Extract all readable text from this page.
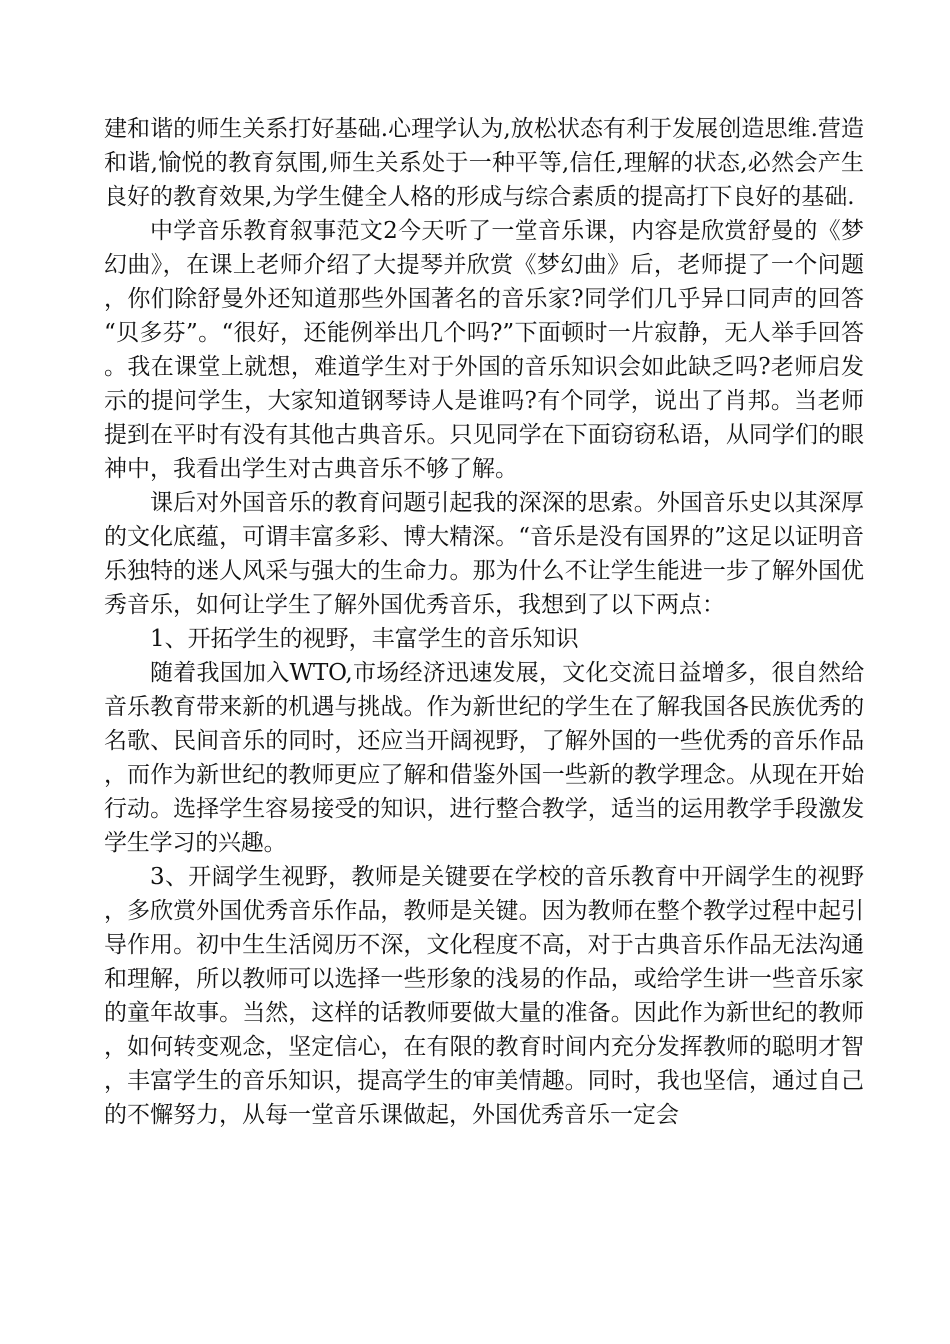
建和谐的师生关系打好基础.心理学认为,放松状态有利于发展创造思维.营造和谐,愉悦的教育氛围,师生关系处于一种平等,信任,理解的状态,必然会产生良好的教育效果,为学生健全人格的形成与综合素质的提高打下良好的基础.

中学音乐教育叙事范文2今天听了一堂音乐课，内容是欣赏舒曼的《梦幻曲》，在课上老师介绍了大提琴并欣赏《梦幻曲》后，老师提了一个问题，你们除舒曼外还知道那些外国著名的音乐家?同学们几乎异口同声的回答“贝多芬”。“很好，还能例举出几个吗?”下面顿时一片寂静，无人举手回答。我在课堂上就想，难道学生对于外国的音乐知识会如此缺乏吗?老师启发示的提问学生，大家知道钢琴诗人是谁吗?有个同学，说出了肖邦。当老师提到在平时有没有其他古典音乐。只见同学在下面窃窃私语，从同学们的眼神中，我看出学生对古典音乐不够了解。

课后对外国音乐的教育问题引起我的深深的思索。外国音乐史以其深厚的文化底蕴，可谓丰富多彩、博大精深。“音乐是没有国界的”这足以证明音乐独特的迷人风采与强大的生命力。那为什么不让学生能进一步了解外国优秀音乐，如何让学生了解外国优秀音乐，我想到了以下两点：

1、开拓学生的视野，丰富学生的音乐知识

随着我国加入WTO,市场经济迅速发展，文化交流日益增多，很自然给音乐教育带来新的机遇与挑战。作为新世纪的学生在了解我国各民族优秀的名歌、民间音乐的同时，还应当开阔视野，了解外国的一些优秀的音乐作品，而作为新世纪的教师更应了解和借鉴外国一些新的教学理念。从现在开始行动。选择学生容易接受的知识，进行整合教学，适当的运用教学手段激发学生学习的兴趣。

3、开阔学生视野，教师是关键要在学校的音乐教育中开阔学生的视野，多欣赏外国优秀音乐作品，教师是关键。因为教师在整个教学过程中起引导作用。初中生生活阅历不深，文化程度不高，对于古典音乐作品无法沟通和理解，所以教师可以选择一些形象的浅易的作品，或给学生讲一些音乐家的童年故事。当然，这样的话教师要做大量的准备。因此作为新世纪的教师，如何转变观念，坚定信心，在有限的教育时间内充分发挥教师的聪明才智，丰富学生的音乐知识，提高学生的审美情趣。同时，我也坚信，通过自己的不懈努力，从每一堂音乐课做起，外国优秀音乐一定会
